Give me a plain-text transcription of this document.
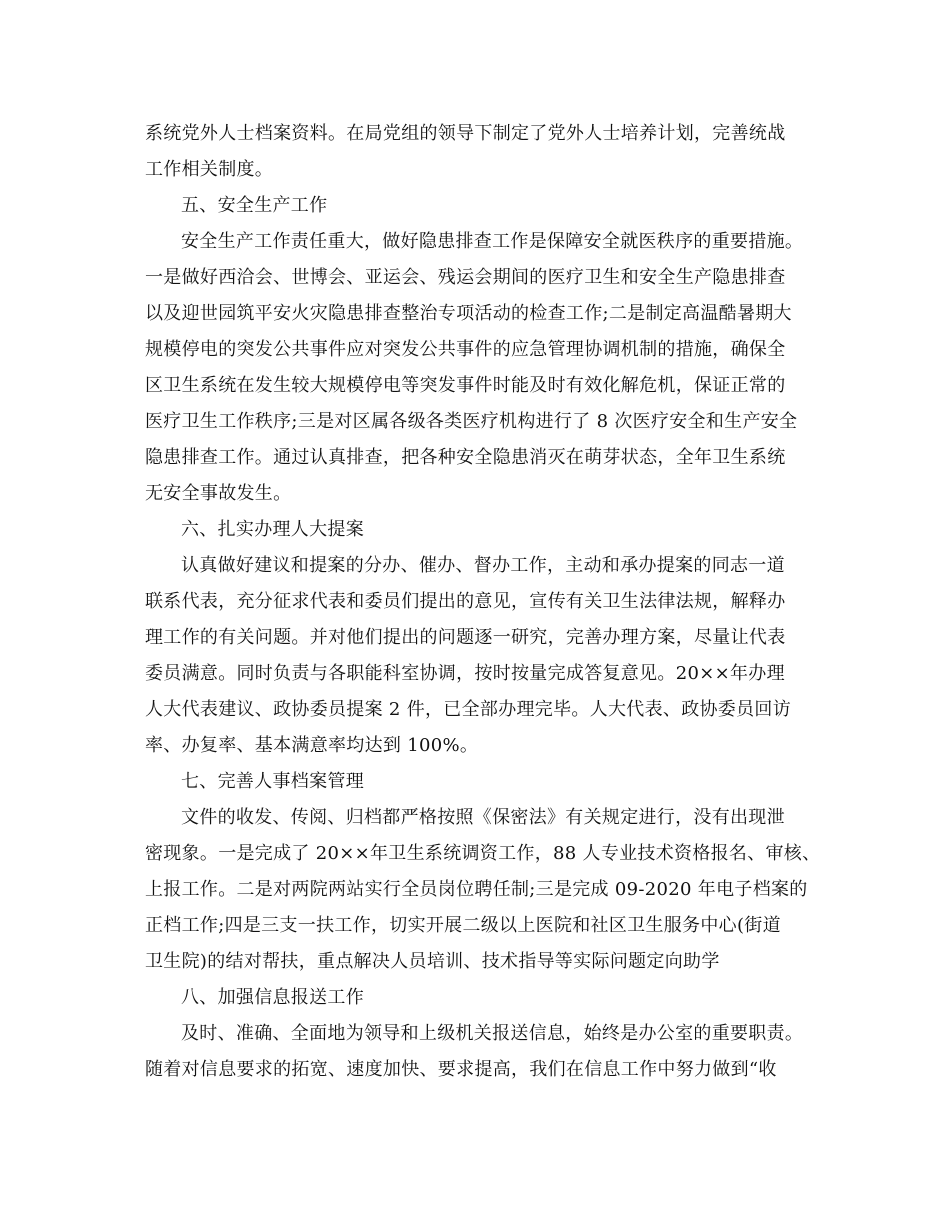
系统党外人士档案资料。在局党组的领导下制定了党外人士培养计划，完善统战
工作相关制度。
五、安全生产工作
安全生产工作责任重大，做好隐患排查工作是保障安全就医秩序的重要措施。
一是做好西洽会、世博会、亚运会、残运会期间的医疗卫生和安全生产隐患排查
以及迎世园筑平安火灾隐患排查整治专项活动的检查工作;二是制定高温酷暑期大
规模停电的突发公共事件应对突发公共事件的应急管理协调机制的措施，确保全
区卫生系统在发生较大规模停电等突发事件时能及时有效化解危机，保证正常的
医疗卫生工作秩序;三是对区属各级各类医疗机构进行了 8 次医疗安全和生产安全
隐患排查工作。通过认真排查，把各种安全隐患消灭在萌芽状态，全年卫生系统
无安全事故发生。
六、扎实办理人大提案
认真做好建议和提案的分办、催办、督办工作，主动和承办提案的同志一道
联系代表，充分征求代表和委员们提出的意见，宣传有关卫生法律法规，解释办
理工作的有关问题。并对他们提出的问题逐一研究，完善办理方案，尽量让代表
委员满意。同时负责与各职能科室协调，按时按量完成答复意见。20××年办理
人大代表建议、政协委员提案 2 件，已全部办理完毕。人大代表、政协委员回访
率、办复率、基本满意率均达到 100%。
七、完善人事档案管理
文件的收发、传阅、归档都严格按照《保密法》有关规定进行，没有出现泄
密现象。一是完成了 20××年卫生系统调资工作，88 人专业技术资格报名、审核、
上报工作。二是对两院两站实行全员岗位聘任制;三是完成 09-2020 年电子档案的
正档工作;四是三支一扶工作，切实开展二级以上医院和社区卫生服务中心(街道
卫生院)的结对帮扶，重点解决人员培训、技术指导等实际问题定向助学
八、加强信息报送工作
及时、准确、全面地为领导和上级机关报送信息，始终是办公室的重要职责。
随着对信息要求的拓宽、速度加快、要求提高，我们在信息工作中努力做到“收
